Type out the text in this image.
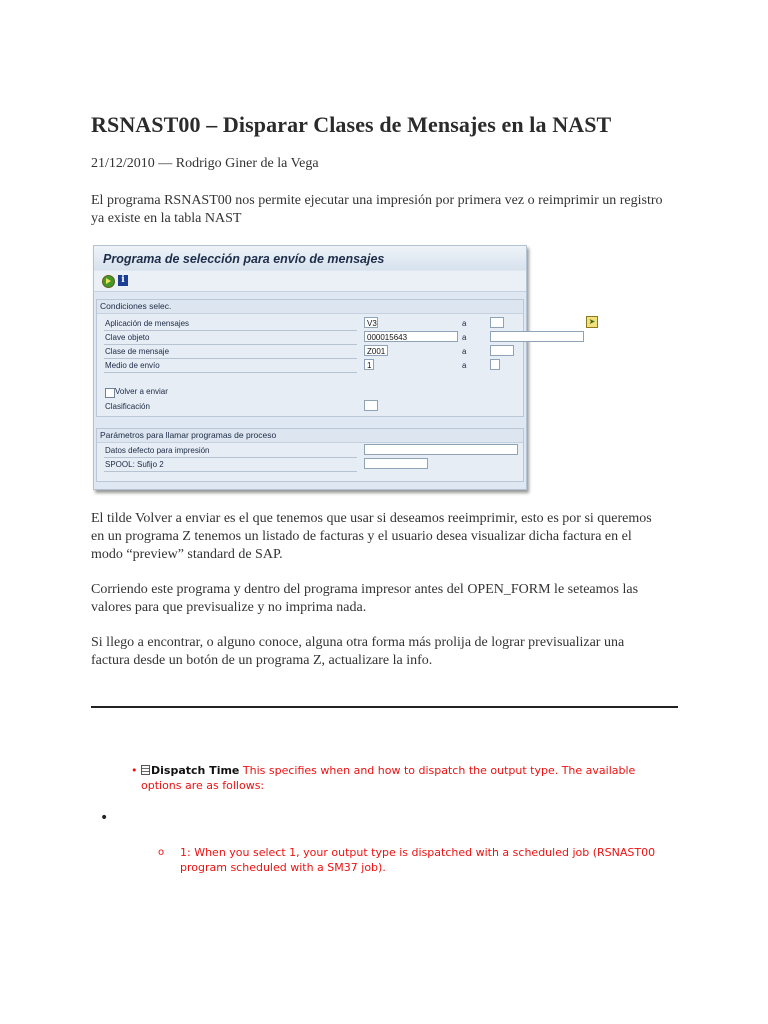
RSNAST00 – Disparar Clases de Mensajes en la NAST
21/12/2010 — Rodrigo Giner de la Vega

El programa RSNAST00 nos permite ejecutar una impresión por primera vez o reimprimir un registro ya existe en la tabla NAST

Programa de selección para envío de mensajes
i
Condiciones selec.
Aplicación de mensajes	V3	a	➤
Clave objeto	000015643	a
Clase de mensaje	Z001	a
Medio de envío	1	a
Volver a enviar
Clasificación
Parámetros para llamar programas de proceso
Datos defecto para impresión
SPOOL: Sufijo 2

El tilde Volver a enviar es el que tenemos que usar si deseamos reeimprimir, esto es por si queremos en un programa Z tenemos un listado de facturas y el usuario desea visualizar dicha factura en el modo “preview” standard de SAP.

Corriendo este programa y dentro del programa impresor antes del OPEN_FORM le seteamos las valores para que previsualize y no imprima nada.

Si llego a encontrar, o alguno conoce, alguna otra forma más prolija de lograr previsualizar una factura desde un botón de un programa Z, actualizare la info.

• Dispatch Time This specifies when and how to dispatch the output type. The available options are as follows:
•
o 1: When you select 1, your output type is dispatched with a scheduled job (RSNAST00 program scheduled with a SM37 job).
